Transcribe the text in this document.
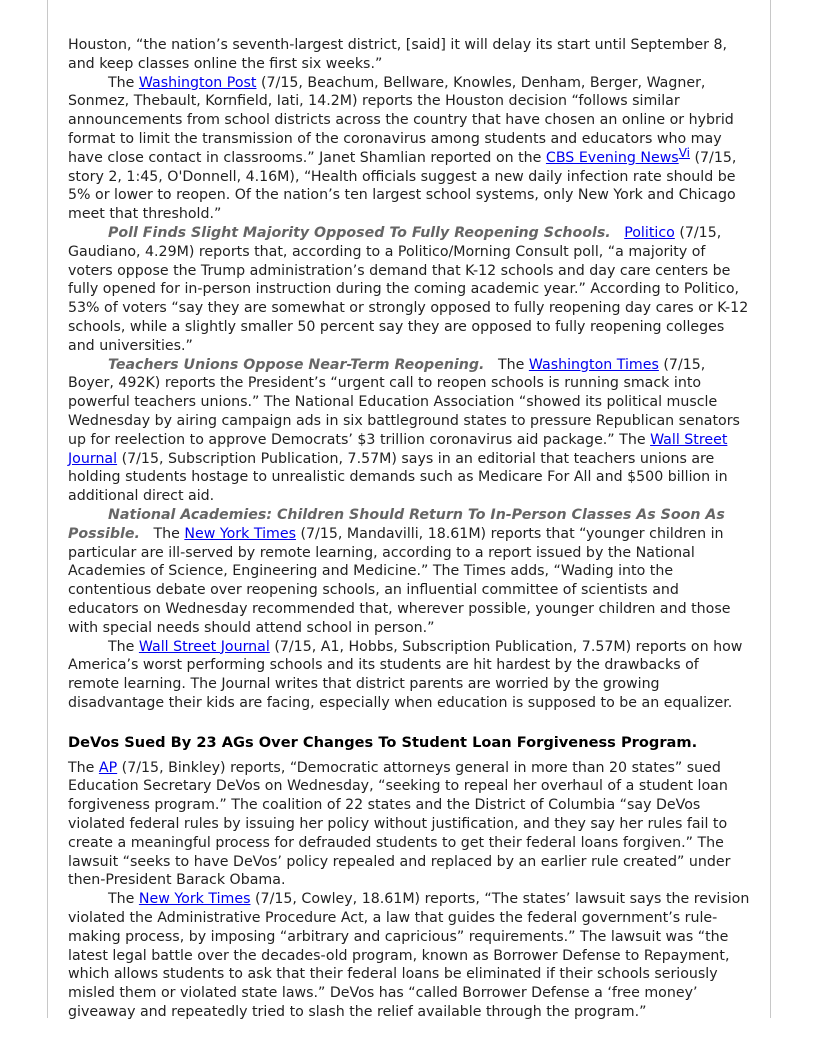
Houston, “the nation’s seventh-largest district, [said] it will delay its start until September 8, and keep classes online the first six weeks.”

The Washington Post (7/15, Beachum, Bellware, Knowles, Denham, Berger, Wagner, Sonmez, Thebault, Kornfield, Iati, 14.2M) reports the Houston decision “follows similar announcements from school districts across the country that have chosen an online or hybrid format to limit the transmission of the coronavirus among students and educators who may have close contact in classrooms.” Janet Shamlian reported on the CBS Evening News$^{Vi}$ (7/15, story 2, 1:45, O'Donnell, 4.16M), “Health officials suggest a new daily infection rate should be 5% or lower to reopen. Of the nation’s ten largest school systems, only New York and Chicago meet that threshold.”

Poll Finds Slight Majority Opposed To Fully Reopening Schools. Politico (7/15, Gaudiano, 4.29M) reports that, according to a Politico/Morning Consult poll, “a majority of voters oppose the Trump administration’s demand that K-12 schools and day care centers be fully opened for in-person instruction during the coming academic year.” According to Politico, 53% of voters “say they are somewhat or strongly opposed to fully reopening day cares or K-12 schools, while a slightly smaller 50 percent say they are opposed to fully reopening colleges and universities.”

Teachers Unions Oppose Near-Term Reopening. The Washington Times (7/15, Boyer, 492K) reports the President’s “urgent call to reopen schools is running smack into powerful teachers unions.” The National Education Association “showed its political muscle Wednesday by airing campaign ads in six battleground states to pressure Republican senators up for reelection to approve Democrats’ $3 trillion coronavirus aid package.” The Wall Street Journal (7/15, Subscription Publication, 7.57M) says in an editorial that teachers unions are holding students hostage to unrealistic demands such as Medicare For All and $500 billion in additional direct aid.

National Academies: Children Should Return To In-Person Classes As Soon As Possible. The New York Times (7/15, Mandavilli, 18.61M) reports that “younger children in particular are ill-served by remote learning, according to a report issued by the National Academies of Science, Engineering and Medicine.” The Times adds, “Wading into the contentious debate over reopening schools, an influential committee of scientists and educators on Wednesday recommended that, wherever possible, younger children and those with special needs should attend school in person.”

The Wall Street Journal (7/15, A1, Hobbs, Subscription Publication, 7.57M) reports on how America’s worst performing schools and its students are hit hardest by the drawbacks of remote learning. The Journal writes that district parents are worried by the growing disadvantage their kids are facing, especially when education is supposed to be an equalizer.

DeVos Sued By 23 AGs Over Changes To Student Loan Forgiveness Program.

The AP (7/15, Binkley) reports, “Democratic attorneys general in more than 20 states” sued Education Secretary DeVos on Wednesday, “seeking to repeal her overhaul of a student loan forgiveness program.” The coalition of 22 states and the District of Columbia “say DeVos violated federal rules by issuing her policy without justification, and they say her rules fail to create a meaningful process for defrauded students to get their federal loans forgiven.” The lawsuit “seeks to have DeVos’ policy repealed and replaced by an earlier rule created” under then-President Barack Obama.

The New York Times (7/15, Cowley, 18.61M) reports, “The states’ lawsuit says the revision violated the Administrative Procedure Act, a law that guides the federal government’s rule-making process, by imposing “arbitrary and capricious” requirements.” The lawsuit was “the latest legal battle over the decades-old program, known as Borrower Defense to Repayment, which allows students to ask that their federal loans be eliminated if their schools seriously misled them or violated state laws.” DeVos has “called Borrower Defense a ‘free money’ giveaway and repeatedly tried to slash the relief available through the program.”
